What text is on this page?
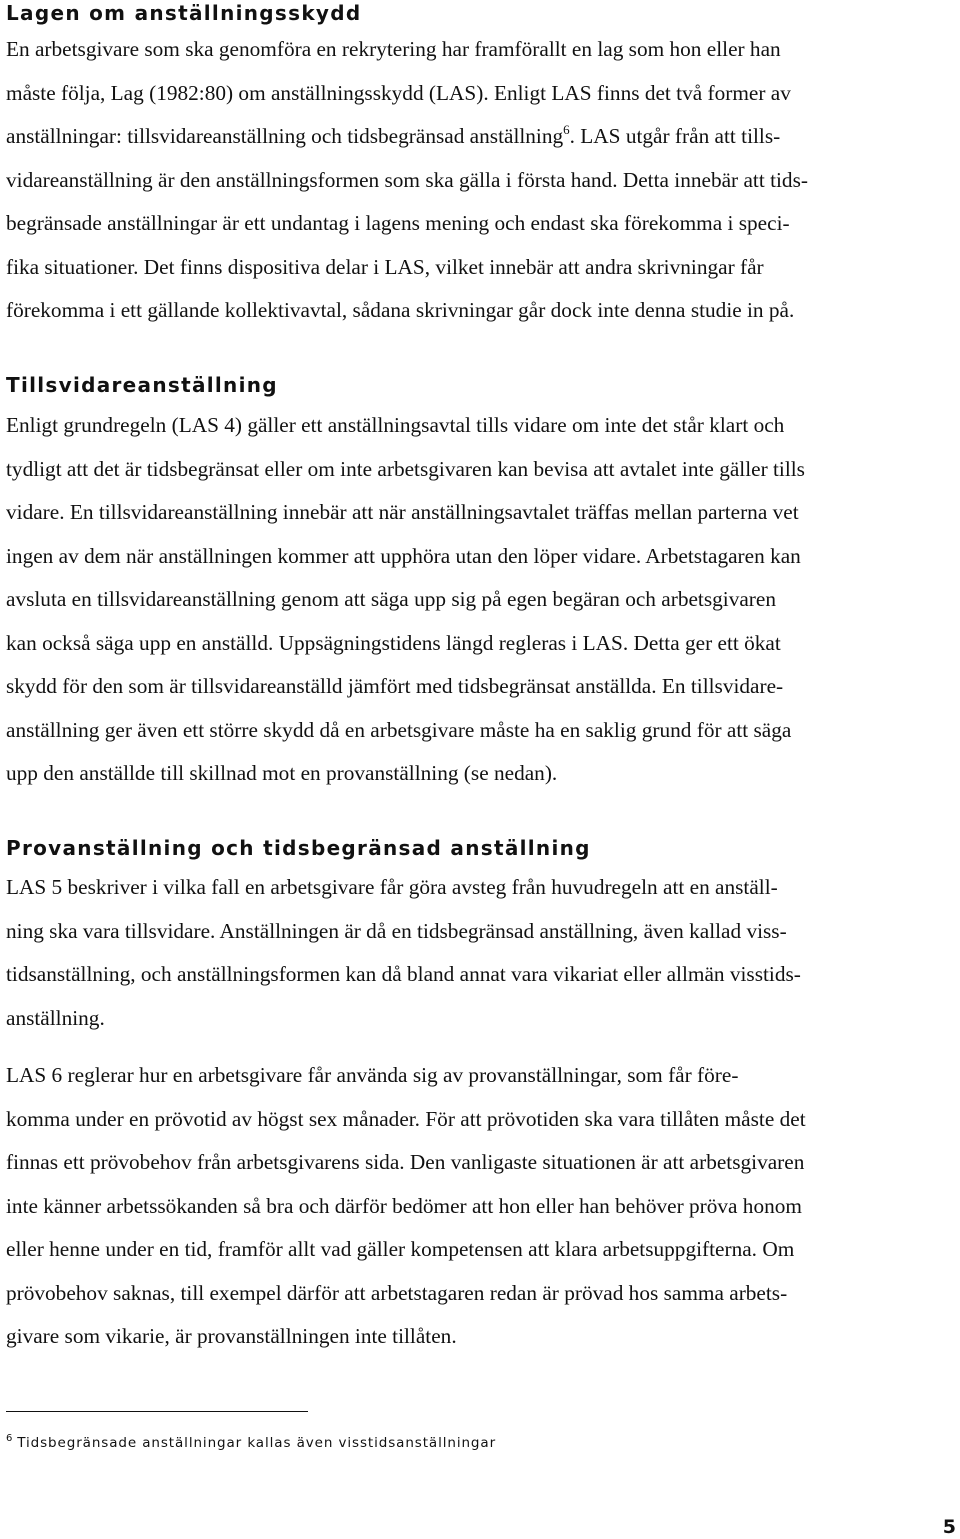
Lagen om anställningsskydd

En arbetsgivare som ska genomföra en rekrytering har framförallt en lag som hon eller han
måste följa, Lag (1982:80) om anställningsskydd (LAS). Enligt LAS finns det två former av
anställningar: tillsvidareanställning och tidsbegränsad anställning$^6$. LAS utgår från att tills-
vidareanställning är den anställningsformen som ska gälla i första hand. Detta innebär att tids-
begränsade anställningar är ett undantag i lagens mening och endast ska förekomma i speci-
fika situationer. Det finns dispositiva delar i LAS, vilket innebär att andra skrivningar får
förekomma i ett gällande kollektivavtal, sådana skrivningar går dock inte denna studie in på.

Tillsvidareanställning

Enligt grundregeln (LAS 4) gäller ett anställningsavtal tills vidare om inte det står klart och
tydligt att det är tidsbegränsat eller om inte arbetsgivaren kan bevisa att avtalet inte gäller tills
vidare. En tillsvidareanställning innebär att när anställningsavtalet träffas mellan parterna vet
ingen av dem när anställningen kommer att upphöra utan den löper vidare. Arbetstagaren kan
avsluta en tillsvidareanställning genom att säga upp sig på egen begäran och arbetsgivaren
kan också säga upp en anställd. Uppsägningstidens längd regleras i LAS. Detta ger ett ökat
skydd för den som är tillsvidareanställd jämfört med tidsbegränsat anställda. En tillsvidare-
anställning ger även ett större skydd då en arbetsgivare måste ha en saklig grund för att säga
upp den anställde till skillnad mot en provanställning (se nedan).

Provanställning och tidsbegränsad anställning

LAS 5 beskriver i vilka fall en arbetsgivare får göra avsteg från huvudregeln att en anställ-
ning ska vara tillsvidare. Anställningen är då en tidsbegränsad anställning, även kallad viss-
tidsanställning, och anställningsformen kan då bland annat vara vikariat eller allmän visstids-
anställning.

LAS 6 reglerar hur en arbetsgivare får använda sig av provanställningar, som får före-
komma under en prövotid av högst sex månader. För att prövotiden ska vara tillåten måste det
finnas ett prövobehov från arbetsgivarens sida. Den vanligaste situationen är att arbetsgivaren
inte känner arbetssökanden så bra och därför bedömer att hon eller han behöver pröva honom
eller henne under en tid, framför allt vad gäller kompetensen att klara arbetsuppgifterna. Om
prövobehov saknas, till exempel därför att arbetstagaren redan är prövad hos samma arbets-
givare som vikarie, är provanställningen inte tillåten.

$^6$ Tidsbegränsade anställningar kallas även visstidsanställningar
5
